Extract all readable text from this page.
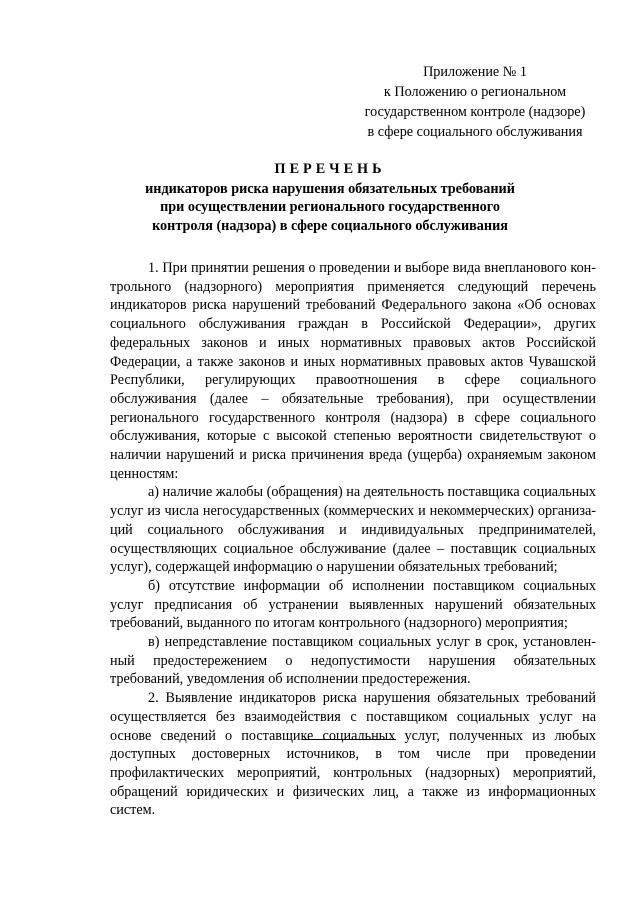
Приложение № 1
к Положению о региональном
государственном контроле (надзоре)
в сфере социального обслуживания
ПЕРЕЧЕНЬ
индикаторов риска нарушения обязательных требований
при осуществлении регионального государственного
контроля (надзора) в сфере социального обслуживания

1. При принятии решения о проведении и выборе вида внепланового контрольного (надзорного) мероприятия применяется следующий перечень индикаторов риска нарушений требований Федерального закона «Об основах социального обслуживания граждан в Российской Федерации», других федеральных законов и иных нормативных правовых актов Российской Федерации, а также законов и иных нормативных правовых актов Чувашской Республики, регулирующих правоотношения в сфере социального обслуживания (далее – обязательные требования), при осуществлении регионального государственного контроля (надзора) в сфере социального обслуживания, которые с высокой степенью вероятности свидетельствуют о наличии нарушений и риска причинения вреда (ущерба) охраняемым законом ценностям:

а) наличие жалобы (обращения) на деятельность поставщика социальных услуг из числа негосударственных (коммерческих и некоммерческих) организаций социального обслуживания и индивидуальных предпринимателей, осуществляющих социальное обслуживание (далее – поставщик социальных услуг), содержащей информацию о нарушении обязательных требований;

б) отсутствие информации об исполнении поставщиком социальных услуг предписания об устранении выявленных нарушений обязательных требований, выданного по итогам контрольного (надзорного) мероприятия;

в) непредставление поставщиком социальных услуг в срок, установленный предостережением о недопустимости нарушения обязательных требований, уведомления об исполнении предостережения.

2. Выявление индикаторов риска нарушения обязательных требований осуществляется без взаимодействия с поставщиком социальных услуг на основе сведений о поставщике социальных услуг, полученных из любых доступных достоверных источников, в том числе при проведении профилактических мероприятий, контрольных (надзорных) мероприятий, обращений юридических и физических лиц, а также из информационных систем.
